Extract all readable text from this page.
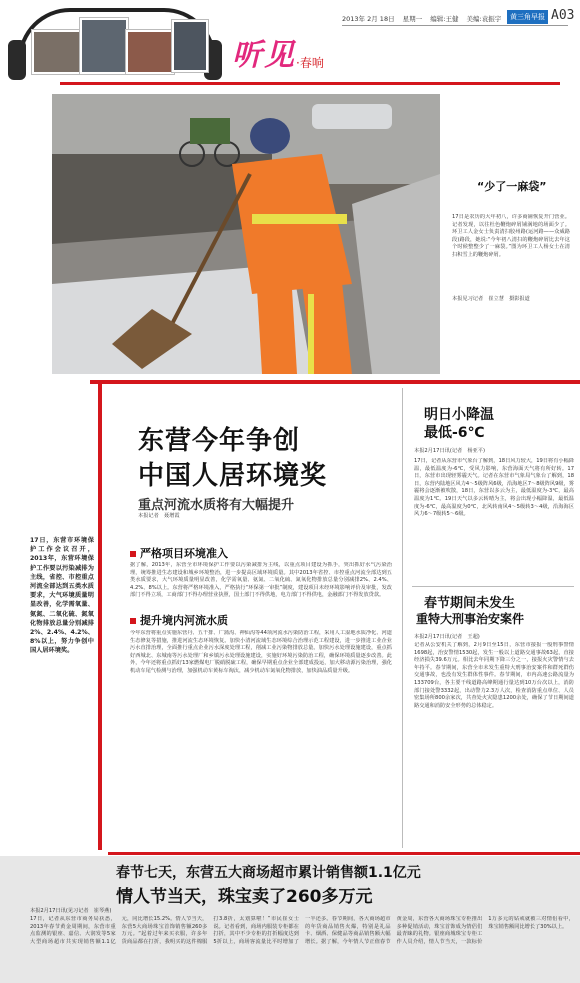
听见 ·春响
2013年 2月 18日 星期一 编辑:王健 美编:袁振宇	黄三角早报 A03
“少了一麻袋”
17日是农历的大年初八，许多商铺恢复开门营业。记者发现，以往杜色鞭炮碎屑铺满地的场面少了。环卫工人金女士负责清扫胶州路(运河路——众威路段)路段，她说:“今年初八清扫的鞭炮碎屑比去年这个时候整整少了一麻袋。”图为环卫工人杨女士在清扫积雪上的鞭炮碎屑。
本报见习记者　崔立慧　摄影报道
东营今年争创
中国人居环境奖
重点河流水质将有大幅提升
本报记者　聂增霞
17日，东营市环境保护工作会议召开，2013年，东营环境保护工作要以污染减排为主线，省控、市控重点河流全部达到五类水质要求，大气环境质量明显改善，化学需氧量、氨氮、二氧化硫、氮氧化物排放总量分别减排2%、2.4%、4.2%、8%以上，努力争创中国人居环境奖。
严格项目环境准入
据了解，2013年，东营全市环境保护工作要以污染减排为主线，以重点项目建设为抓手，突出抓好水气污染治理，统筹推进生态建设和城乡环境整治，进一步提高区域环境质量。其中2013年省控、市控重点河流全部达到五类水质要求，大气环境质量明显改善，化学需氧量、氨氮、二氧化硫、氮氧化物排放总量分别减排2%、2.4%、4.2%、8%以上。东营将严格环境准入，严格执行“环保第一审批”制度，建设项目未经环境影响评价及审批，发改部门不得立项，工商部门不得办理营业执照，国土部门不得供地，电力部门不得供电，金融部门不得发放贷款。
提升境内河流水质
今年东营将重点实施东营丹、五干排、广蒲沟、神仙沟等44项河流水污染防治工程，采用人工湿地水质净化、河道生态修复等措施，推进河流生态环境恢复。加快小清河流域生态环境综合治理示范工程建设，进一步推进工业企业污水直排治理，全面推行重点企业污水深度处理工程，削减工业污染物排放总量。加快污水处理设施建设，重点抓好西城北、东城南等污水处理厂和乡镇污水处理设施建设，实施好环境污染防治工程，确保环境质量逐步改善。此外，今年还将重点抓好13家燃煤电厂脱硝脱硫工程，确保早期重点企业全部建成投运，加大移动源污染治理，强化机动车尾气检测与治理，加强机动车黄标车淘汰，减少机动车氮氧化物排放，加快油品质量升级。
明日小降温
最低-6℃
本报2月17日讯(记者　杨亚平)
17日，记者从东营市气象台了解到，18日风力较大，19日将有小幅降温，最低温度为-6℃，受风力影响，东营海面天气将有所好转。17日，东营市出现轻雾霾天气。记者在东营市气象局气象台了解到，18日，东营内陆地区风力4～5级阵风6级，沿海地区7～8级阵风9级，雾霾将会逐渐被吹散，18日，东营以多云为主，最低温度为-3℃，最高温度为1℃。19日天气以多云转晴为主，将会出现小幅降温，最低温度为-6℃，最高温度为0℃，北风转南风4～5级转3～4级，沿海海区风力6～7级转5～6级。
春节期间未发生
重特大刑事治安案件
本报2月17日讯(记者　王超)
记者从公安机关了解到，2月9日至15日，东营市接报一般刑事警情1698起，治安警情1530起，发生一般以上道路交通事故63起，直接经济损失39.6万元。相比去年同期下降三分之一，接报火灾警情与去年持平。春节期间，东营全市未发生重特大刑事治安案件和群死群伤交通事故，也没有发生群体性事件。春节期间，市内高速公路流量为133709台，各主要干线道路高峰期通行量达到10万台次以上，消防部门接处警3332起，出动警力2.3万人次，检查消防重点单位、人员密集场所800余家次，共查处火灾隐患1200余处，确保了节日期间道路交通和消防安全形势的总体稳定。
春节七天，东营五大商场超市累计销售额1.1亿元
情人节当天，珠宝卖了260多万元
本报2月17日讯(见习记者　崔琴燕)
17日，记者从东营市商务局获悉，2013年春节黄金周期间，东营市重点监测的银座、嘉信、大润发等5家大型商场超市共实现销售额1.1亿元，同比增长15.2%。情人节当天，东营5大商场珠宝首饰销售额260多万元。“起着过年来买衣服，许多年货商品都在打折，我明买的这件棉服打3.8折，太划算啦！”市民崔女士说。记者看到，商场内服装专柜都在打折，其中不少专柜的打折幅度达到5折以上，商场客流量比平时增加了一半还多。春节期间，各大商场超市的年货商品销售火爆，特别是礼品卡、烟酒、保健品等商品销售额大幅增长。据了解，今年情人节正值春节黄金周，东营各大商场珠宝专柜推出多种促销活动，珠宝首饰成为情侣们最青睐的礼物。银座商城珠宝专柜工作人员介绍，情人节当天，一款标价1万多元的钻戒就被三对情侣看中，珠宝销售额同比增长了30%以上。
